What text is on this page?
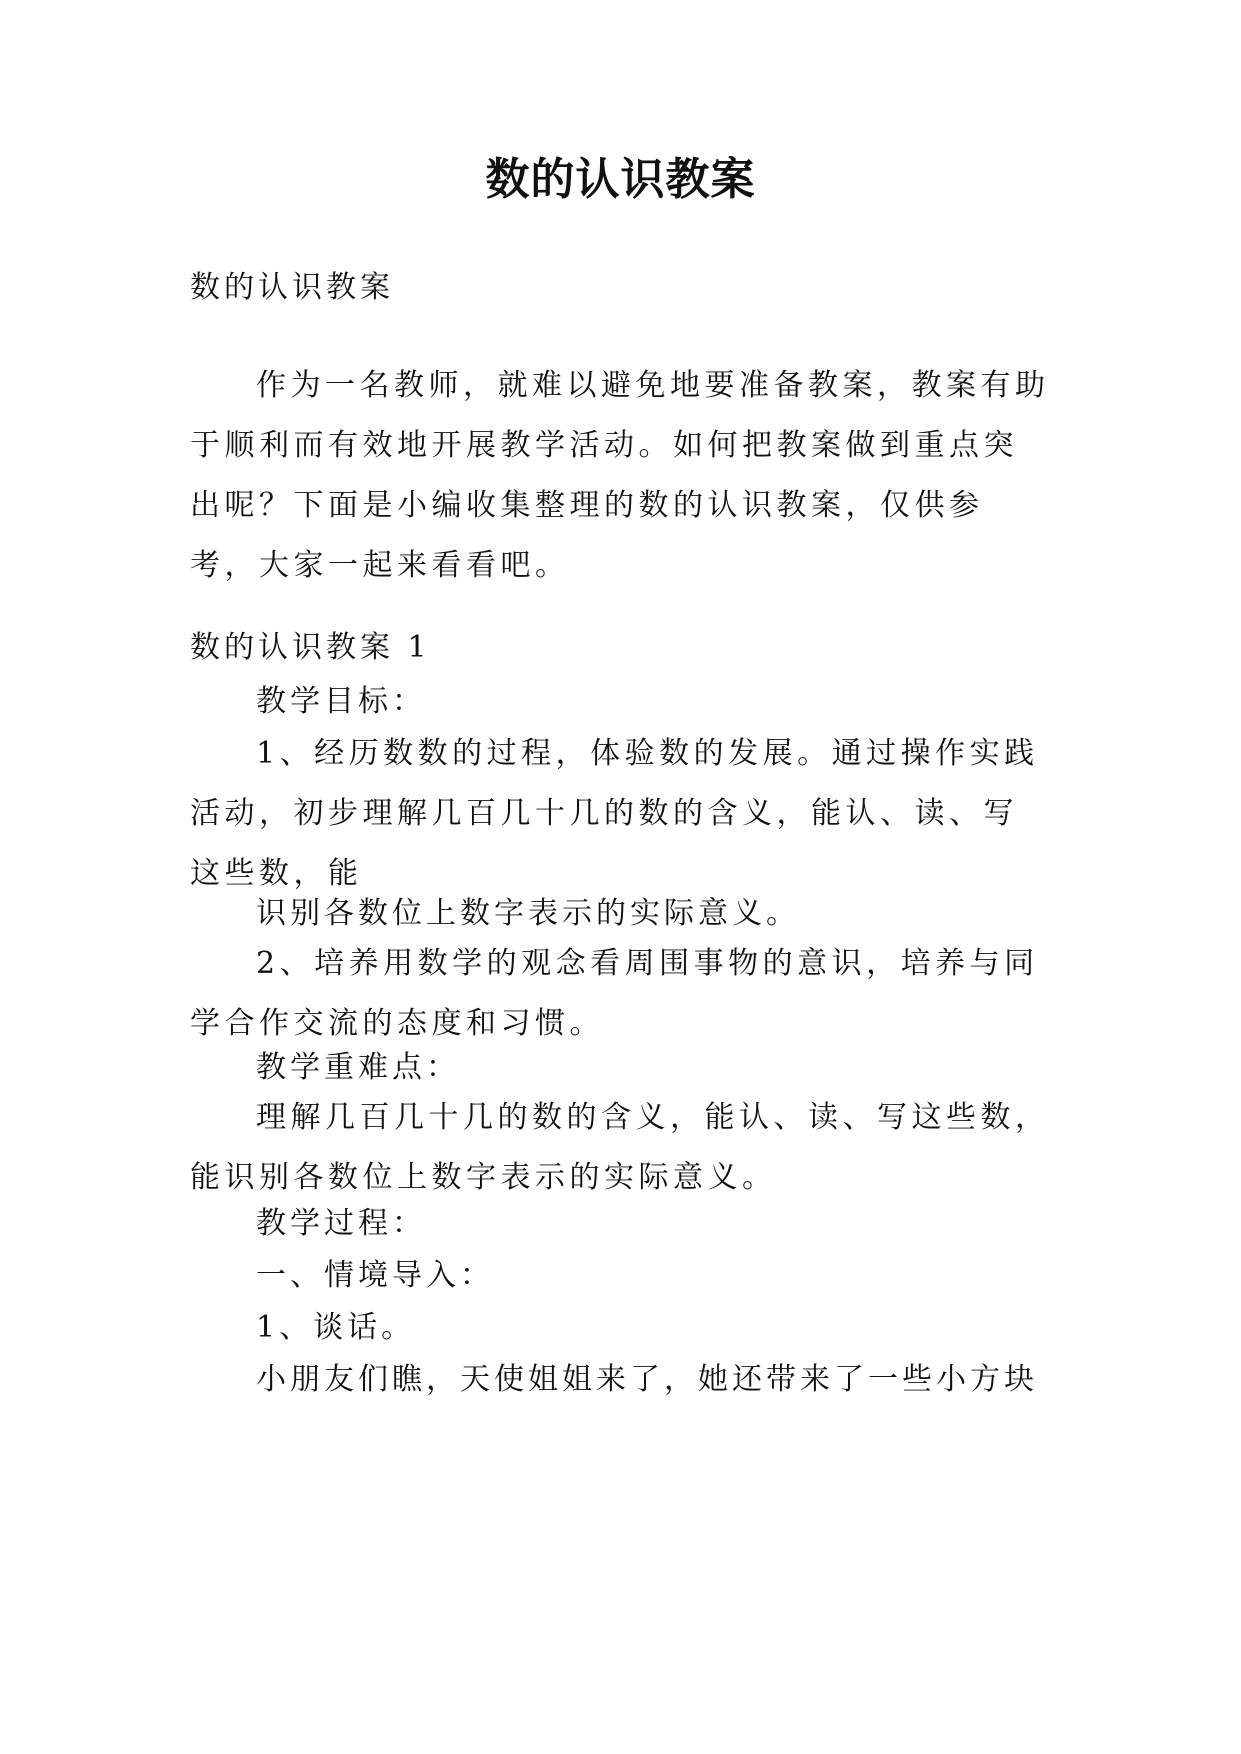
数的认识教案

数的认识教案

作为一名教师，就难以避免地要准备教案，教案有助于顺利而有效地开展教学活动。如何把教案做到重点突出呢？下面是小编收集整理的数的认识教案，仅供参考，大家一起来看看吧。

数的认识教案 1

教学目标：

1、经历数数的过程，体验数的发展。通过操作实践活动，初步理解几百几十几的数的含义，能认、读、写这些数，能

识别各数位上数字表示的实际意义。

2、培养用数学的观念看周围事物的意识，培养与同学合作交流的态度和习惯。

教学重难点：

理解几百几十几的数的含义，能认、读、写这些数，能识别各数位上数字表示的实际意义。

教学过程：

一、情境导入：

1、谈话。

小朋友们瞧，天使姐姐来了，她还带来了一些小方块
